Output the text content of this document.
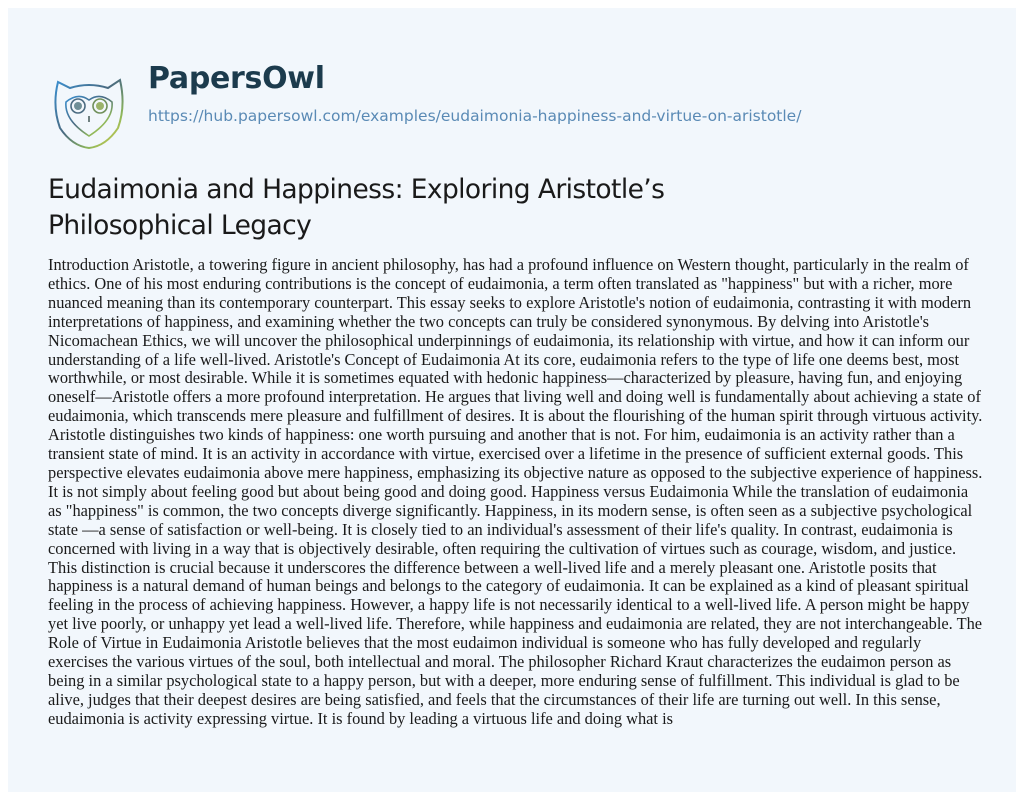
PapersOwl
https://hub.papersowl.com/examples/eudaimonia-happiness-and-virtue-on-aristotle/
Eudaimonia and Happiness: Exploring Aristotle’s Philosophical Legacy

Introduction Aristotle, a towering figure in ancient philosophy, has had a profound influence on Western thought, particularly in the realm of ethics. One of his most enduring contributions is the concept of eudaimonia, a term often translated as "happiness" but with a richer, more nuanced meaning than its contemporary counterpart. This essay seeks to explore Aristotle's notion of eudaimonia, contrasting it with modern interpretations of happiness, and examining whether the two concepts can truly be considered synonymous. By delving into Aristotle's Nicomachean Ethics, we will uncover the philosophical underpinnings of eudaimonia, its relationship with virtue, and how it can inform our understanding of a life well-lived. Aristotle's Concept of Eudaimonia At its core, eudaimonia refers to the type of life one deems best, most worthwhile, or most desirable. While it is sometimes equated with hedonic happiness—characterized by pleasure, having fun, and enjoying oneself—Aristotle offers a more profound interpretation. He argues that living well and doing well is fundamentally about achieving a state of eudaimonia, which transcends mere pleasure and fulfillment of desires. It is about the flourishing of the human spirit through virtuous activity. Aristotle distinguishes two kinds of happiness: one worth pursuing and another that is not. For him, eudaimonia is an activity rather than a transient state of mind. It is an activity in accordance with virtue, exercised over a lifetime in the presence of sufficient external goods. This perspective elevates eudaimonia above mere happiness, emphasizing its objective nature as opposed to the subjective experience of happiness. It is not simply about feeling good but about being good and doing good. Happiness versus Eudaimonia While the translation of eudaimonia as "happiness" is common, the two concepts diverge significantly. Happiness, in its modern sense, is often seen as a subjective psychological state —a sense of satisfaction or well-being. It is closely tied to an individual's assessment of their life's quality. In contrast, eudaimonia is concerned with living in a way that is objectively desirable, often requiring the cultivation of virtues such as courage, wisdom, and justice. This distinction is crucial because it underscores the difference between a well-lived life and a merely pleasant one. Aristotle posits that happiness is a natural demand of human beings and belongs to the category of eudaimonia. It can be explained as a kind of pleasant spiritual feeling in the process of achieving happiness. However, a happy life is not necessarily identical to a well-lived life. A person might be happy yet live poorly, or unhappy yet lead a well-lived life. Therefore, while happiness and eudaimonia are related, they are not interchangeable. The Role of Virtue in Eudaimonia Aristotle believes that the most eudaimon individual is someone who has fully developed and regularly exercises the various virtues of the soul, both intellectual and moral. The philosopher Richard Kraut characterizes the eudaimon person as being in a similar psychological state to a happy person, but with a deeper, more enduring sense of fulfillment. This individual is glad to be alive, judges that their deepest desires are being satisfied, and feels that the circumstances of their life are turning out well. In this sense, eudaimonia is activity expressing virtue. It is found by leading a virtuous life and doing what is
